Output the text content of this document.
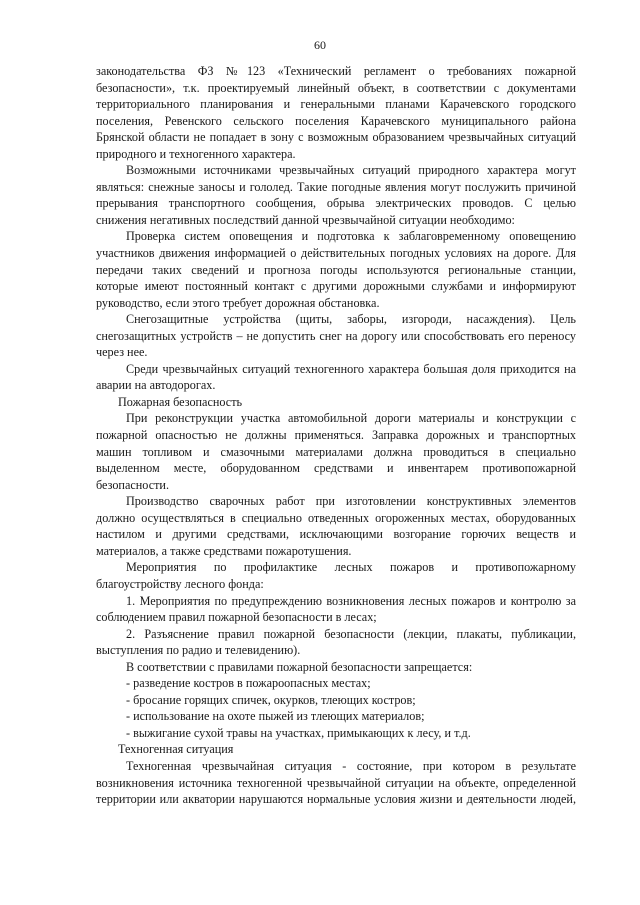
60
законодательства ФЗ №123 «Технический регламент о требованиях пожарной
безопасности», т.к. проектируемый линейный объект, в соответствии с документами
территориального планирования и генеральными планами Карачевского городского
поселения, Ревенского сельского поселения Карачевского муниципального района
Брянской области не попадает в зону с возможным образованием чрезвычайных ситуаций
природного и техногенного характера.
Возможными источниками чрезвычайных ситуаций природного характера могут
являться: снежные заносы и гололед. Такие погодные явления могут послужить причиной
прерывания транспортного сообщения, обрыва электрических проводов. С целью
снижения негативных последствий данной чрезвычайной ситуации необходимо:
Проверка систем оповещения и подготовка к заблаговременному оповещению
участников движения информацией о действительных погодных условиях на дороге. Для
передачи таких сведений и прогноза погоды используются региональные станции,
которые имеют постоянный контакт с другими дорожными службами и информируют
руководство, если этого требует дорожная обстановка.
Снегозащитные устройства (щиты, заборы, изгороди, насаждения). Цель
снегозащитных устройств – не допустить снег на дорогу или способствовать его переносу
через нее.
Среди чрезвычайных ситуаций техногенного характера большая доля приходится на
аварии на автодорогах.
Пожарная безопасность
При реконструкции участка автомобильной дороги материалы и конструкции с
пожарной опасностью не должны применяться. Заправка дорожных и транспортных
машин топливом и смазочными материалами должна проводиться в специально
выделенном месте, оборудованном средствами и инвентарем противопожарной
безопасности.
Производство сварочных работ при изготовлении конструктивных элементов
должно осуществляться в специально отведенных огороженных местах, оборудованных
настилом и другими средствами, исключающими возгорание горючих веществ и
материалов, а также средствами пожаротушения.
Мероприятия по профилактике лесных пожаров и противопожарному
благоустройству лесного фонда:
1. Мероприятия по предупреждению возникновения лесных пожаров и контролю за
соблюдением правил пожарной безопасности в лесах;
2. Разъяснение правил пожарной безопасности (лекции, плакаты, публикации,
выступления по радио и телевидению).
В соответствии с правилами пожарной безопасности запрещается:
- разведение костров в пожароопасных местах;
- бросание горящих спичек, окурков, тлеющих костров;
- использование на охоте пыжей из тлеющих материалов;
- выжигание сухой травы на участках, примыкающих к лесу, и т.д.
Техногенная ситуация
Техногенная чрезвычайная ситуация - состояние, при котором в результате
возникновения источника техногенной чрезвычайной ситуации на объекте, определенной
территории или акватории нарушаются нормальные условия жизни и деятельности людей,
